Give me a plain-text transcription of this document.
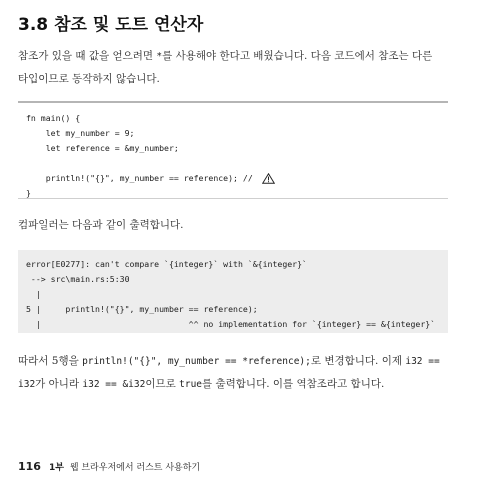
3.8 참조 및 도트 연산자

참조가 있을 때 값을 얻으려면 *를 사용해야 한다고 배웠습니다. 다음 코드에서 참조는 다른
타입이므로 동작하지 않습니다.

fn main() {
let my_number = 9;
let reference = &my_number;
println!("{}", my_number == reference); //
}

컴파일러는 다음과 같이 출력합니다.

error[E0277]: can't compare `{integer}` with `&{integer}`
--> src\main.rs:5:30
|
5 |     println!("{}", my_number == reference);
|                              ^^ no implementation for `{integer} == &{integer}`

따라서 5행을 println!("{}", my_number == *reference);로 변경합니다. 이제 i32 ==
i32가 아니라 i32 == &i32이므로 true를 출력합니다. 이를 역참조라고 합니다.

116 1부 웹 브라우저에서 러스트 사용하기
